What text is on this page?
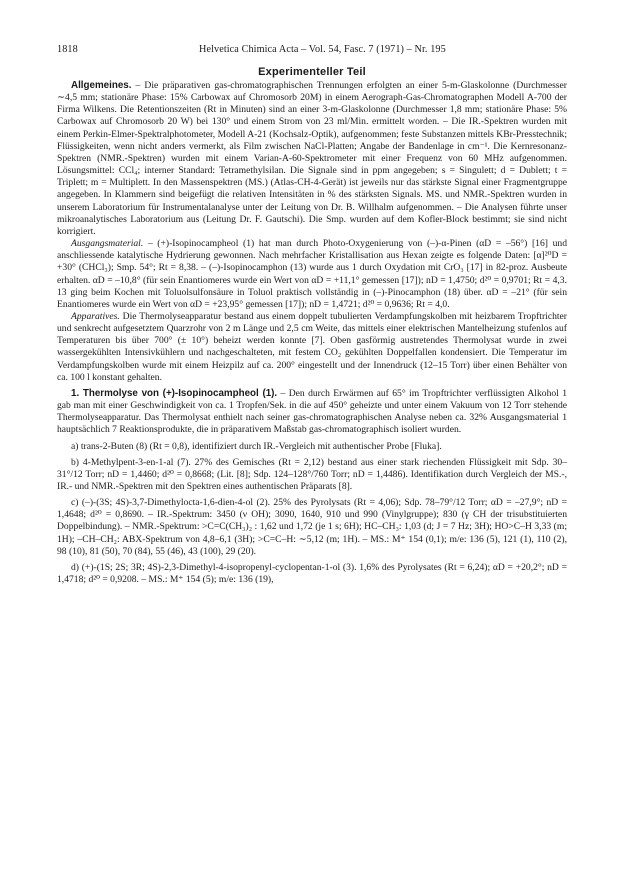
1818	Helvetica Chimica Acta – Vol. 54, Fasc. 7 (1971) – Nr. 195
Experimenteller Teil

Allgemeines. – Die präparativen gas-chromatographischen Trennungen erfolgten an einer 5-m-Glaskolonne (Durchmesser ∼4,5 mm; stationäre Phase: 15% Carbowax auf Chromosorb 20M) in einem Aerograph-Gas-Chromatographen Modell A-700 der Firma Wilkens. Die Retentionszeiten (Rt in Minuten) sind an einer 3-m-Glaskolonne (Durchmesser 1,8 mm; stationäre Phase: 5% Carbowax auf Chromosorb 20 W) bei 130° und einem Strom von 23 ml/Min. ermittelt worden. – Die IR.-Spektren wurden mit einem Perkin-Elmer-Spektralphotometer, Modell A-21 (Kochsalz-Optik), aufgenommen; feste Substanzen mittels KBr-Presstechnik; Flüssigkeiten, wenn nicht anders vermerkt, als Film zwischen NaCl-Platten; Angabe der Bandenlage in cm⁻¹. Die Kernresonanz-Spektren (NMR.-Spektren) wurden mit einem Varian-A-60-Spektrometer mit einer Frequenz von 60 MHz aufgenommen. Lösungsmittel: CCl₄; interner Standard: Tetramethylsilan. Die Signale sind in ppm angegeben; s = Singulett; d = Dublett; t = Triplett; m = Multiplett. In den Massenspektren (MS.) (Atlas-CH-4-Gerät) ist jeweils nur das stärkste Signal einer Fragmentgruppe angegeben. In Klammern sind beigefügt die relativen Intensitäten in % des stärksten Signals. MS. und NMR.-Spektren wurden in unserem Laboratorium für Instrumentalanalyse unter der Leitung von Dr. B. Willhalm aufgenommen. – Die Analysen führte unser mikroanalytisches Laboratorium aus (Leitung Dr. F. Gautschi). Die Smp. wurden auf dem Kofler-Block bestimmt; sie sind nicht korrigiert.

Ausgangsmaterial. – (+)-Isopinocampheol (1) hat man durch Photo-Oxygenierung von (–)-α-Pinen (αD = –56°) [16] und anschliessende katalytische Hydrierung gewonnen. Nach mehrfacher Kristallisation aus Hexan zeigte es folgende Daten: [α]²⁰D = +30° (CHCl₃); Smp. 54°; Rt = 8,38. – (–)-Isopinocamphon (13) wurde aus 1 durch Oxydation mit CrO₃ [17] in 82-proz. Ausbeute erhalten. αD = –10,8° (für sein Enantiomeres wurde ein Wert von αD = +11,1° gemessen [17]); nD = 1,4750; d²⁰ = 0,9701; Rt = 4,3. 13 ging beim Kochen mit Toluolsulfonsäure in Toluol praktisch vollständig in (–)-Pinocamphon (18) über. αD = –21° (für sein Enantiomeres wurde ein Wert von αD = +23,95° gemessen [17]); nD = 1,4721; d²⁰ = 0,9636; Rt = 4,0.

Apparatives. Die Thermolyseapparatur bestand aus einem doppelt tubulierten Verdampfungskolben mit heizbarem Tropftrichter und senkrecht aufgesetztem Quarzrohr von 2 m Länge und 2,5 cm Weite, das mittels einer elektrischen Mantelheizung stufenlos auf Temperaturen bis über 700° (± 10°) beheizt werden konnte [7]. Oben gasförmig austretendes Thermolysat wurde in zwei wassergekühlten Intensivkühlern und nachgeschalteten, mit festem CO₂ gekühlten Doppelfallen kondensiert. Die Temperatur im Verdampfungskolben wurde mit einem Heizpilz auf ca. 200° eingestellt und der Innendruck (12–15 Torr) über einen Behälter von ca. 100 l konstant gehalten.

1. Thermolyse von (+)-Isopinocampheol (1). – Den durch Erwärmen auf 65° im Tropftrichter verflüssigten Alkohol 1 gab man mit einer Geschwindigkeit von ca. 1 Tropfen/Sek. in die auf 450° geheizte und unter einem Vakuum von 12 Torr stehende Thermolyseapparatur. Das Thermolysat enthielt nach seiner gas-chromatographischen Analyse neben ca. 32% Ausgangsmaterial 1 hauptsächlich 7 Reaktionsprodukte, die in präparativem Maßstab gas-chromatographisch isoliert wurden.

a) trans-2-Buten (8) (Rt = 0,8), identifiziert durch IR.-Vergleich mit authentischer Probe [Fluka].

b) 4-Methylpent-3-en-1-al (7). 27% des Gemisches (Rt = 2,12) bestand aus einer stark riechenden Flüssigkeit mit Sdp. 30–31°/12 Torr; nD = 1,4460; d²⁰ = 0,8668; (Lit. [8]; Sdp. 124–128°/760 Torr; nD = 1,4486). Identifikation durch Vergleich der MS.-, IR.- und NMR.-Spektren mit den Spektren eines authentischen Präparats [8].

c) (–)-(3S; 4S)-3,7-Dimethylocta-1,6-dien-4-ol (2). 25% des Pyrolysats (Rt = 4,06); Sdp. 78–79°/12 Torr; αD = –27,9°; nD = 1,4648; d²⁰ = 0,8690. – IR.-Spektrum: 3450 (ν OH); 3090, 1640, 910 und 990 (Vinylgruppe); 830 (γ CH der trisubstituierten Doppelbindung). – NMR.-Spektrum: >C=C(CH₃)₂ : 1,62 und 1,72 (je 1 s; 6H); HC–CH₃: 1,03 (d; J = 7 Hz; 3H); HO>C–H 3,33 (m; 1H); –CH–CH₂: ABX-Spektrum von 4,8–6,1 (3H); >C=C–H: ∼5,12 (m; 1H). – MS.: M⁺ 154 (0,1); m/e: 136 (5), 121 (1), 110 (2), 98 (10), 81 (50), 70 (84), 55 (46), 43 (100), 29 (20).

d) (+)-(1S; 2S; 3R; 4S)-2,3-Dimethyl-4-isopropenyl-cyclopentan-1-ol (3). 1,6% des Pyrolysates (Rt = 6,24); αD = +20,2°; nD = 1,4718; d²⁰ = 0,9208. – MS.: M⁺ 154 (5); m/e: 136 (19),
